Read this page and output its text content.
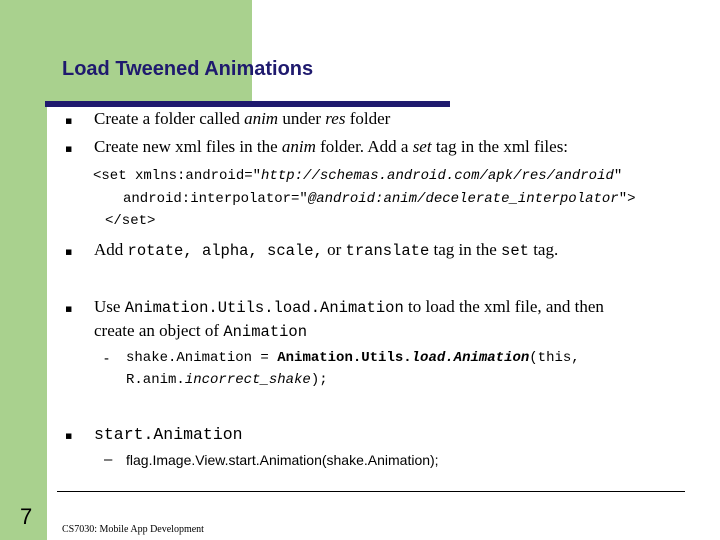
Load Tweened Animations
▪ Create a folder called anim under res folder
▪ Create new xml files in the anim folder. Add a set tag in the xml files:
<set xmlns:android="http://schemas.android.com/apk/res/android"
android:interpolator="@android:anim/decelerate_interpolator">
</set>
▪ Add rotate, alpha, scale, or translate tag in the set tag.
▪ Use Animation.Utils.load.Animation to load the xml file, and then
create an object of Animation
- shake.Animation = Animation.Utils.load.Animation(this,
R.anim.incorrect_shake);
▪ start.Animation
– flag.Image.View.start.Animation(shake.Animation);
7
CS7030: Mobile App Development
